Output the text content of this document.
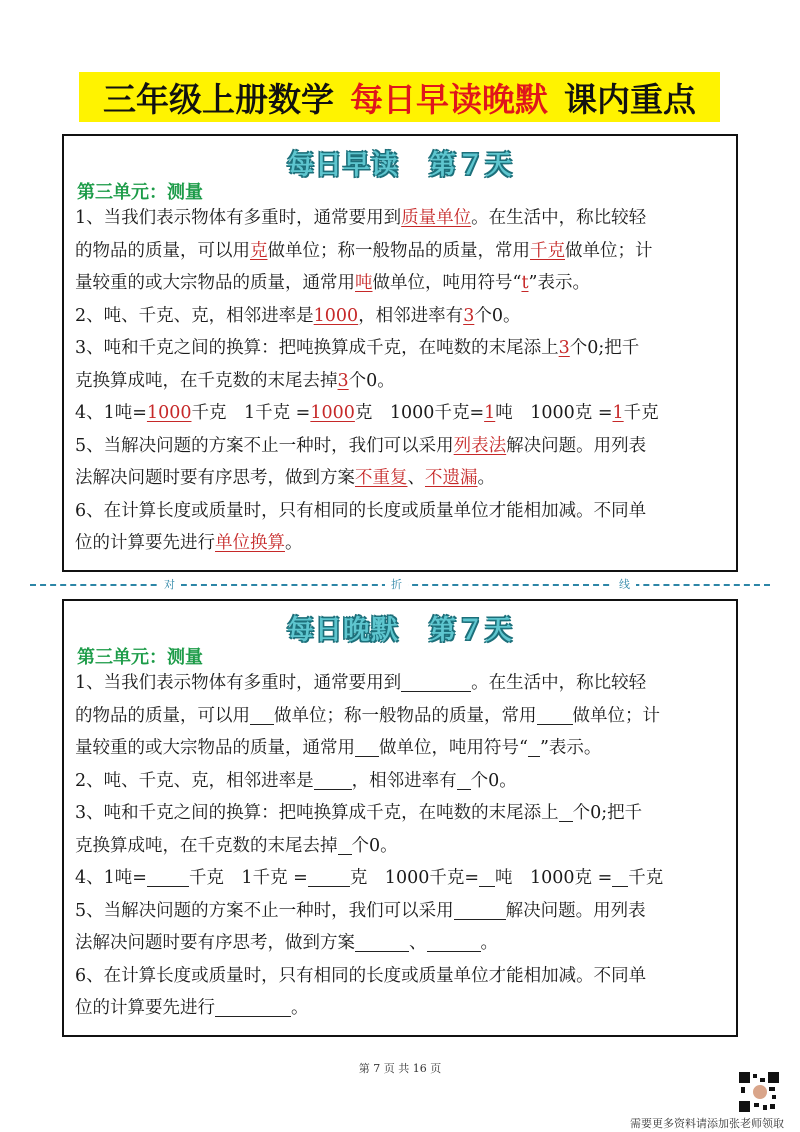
三年级上册数学 每日早读晚默 课内重点
每日早读 第７天
第三单元：测量
1、当我们表示物体有多重时，通常要用到质量单位。在生活中，称比较轻
的物品的质量，可以用克做单位；称一般物品的质量，常用千克做单位；计
量较重的或大宗物品的质量，通常用吨做单位，吨用符号“t”表示。
2、吨、千克、克，相邻进率是1000，相邻进率有3个0。
3、吨和千克之间的换算：把吨换算成千克，在吨数的末尾添上3个0;把千
克换算成吨，在千克数的末尾去掉3个0。
4、1吨=1000千克　1千克 =1000克　1000千克=1吨　1000克 =1千克
5、当解决问题的方案不止一种时，我们可以采用列表法解决问题。用列表
法解决问题时要有序思考，做到方案不重复、不遗漏。
6、在计算长度或质量时，只有相同的长度或质量单位才能相加减。不同单
位的计算要先进行单位换算。
对	折	线
每日晚默 第７天
第三单元：测量
1、当我们表示物体有多重时，通常要用到	。在生活中，称比较轻
的物品的质量，可以用 做单位；称一般物品的质量，常用 做单位；计
量较重的或大宗物品的质量，通常用 做单位，吨用符号“ ”表示。
2、吨、千克、克，相邻进率是 ，相邻进率有 个0。
3、吨和千克之间的换算：把吨换算成千克，在吨数的末尾添上 个0;把千
克换算成吨，在千克数的末尾去掉 个0。
4、1吨= 千克　1千克 = 克　1000千克= 吨　1000克 = 千克
5、当解决问题的方案不止一种时，我们可以采用	解决问题。用列表
法解决问题时要有序思考，做到方案	、	。
6、在计算长度或质量时，只有相同的长度或质量单位才能相加减。不同单
位的计算要先进行	。
第 7 页 共 16 页
需要更多资料请添加张老师领取
